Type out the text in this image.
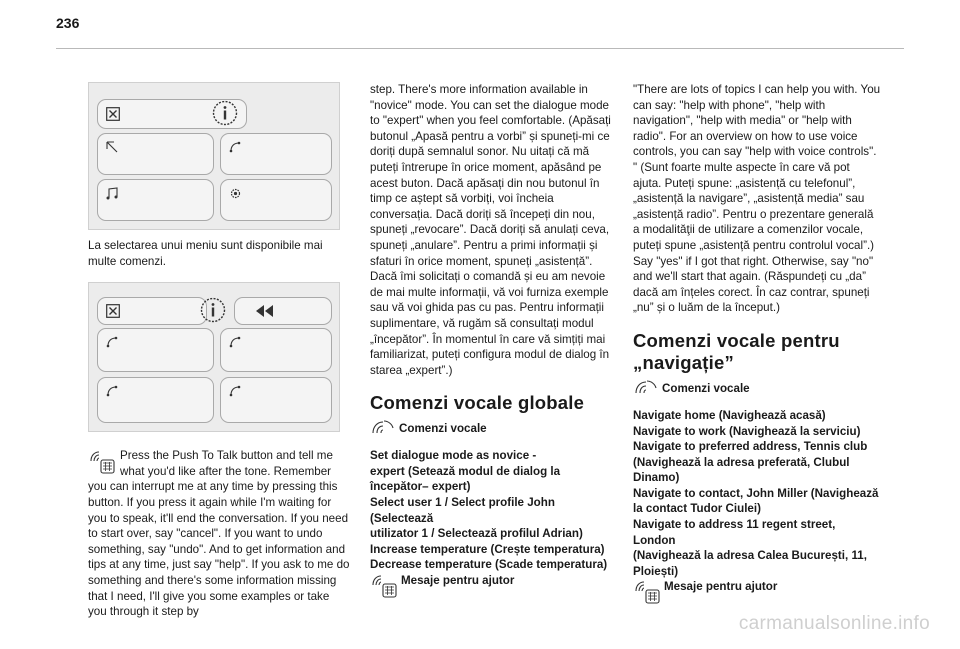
236

La selectarea unui meniu sunt disponibile mai multe comenzi.

Press the Push To Talk button and tell me what you'd like after the tone. Remember you can interrupt me at any time by pressing this button. If you press it again while I'm waiting for you to speak, it'll end the conversation. If you need to start over, say "cancel". If you want to undo something, say "undo". And to get information and tips at any time, just say "help". If you ask to me do something and there's some information missing that I need, I'll give you some examples or take you through it step by

step. There's more information available in "novice" mode. You can set the dialogue mode to "expert" when you feel comfortable. (Apăsați butonul „Apasă pentru a vorbi” și spuneți-mi ce doriți după semnalul sonor. Nu uitați că mă puteți întrerupe în orice moment, apăsând pe acest buton. Dacă apăsați din nou butonul în timp ce aștept să vorbiți, voi încheia conversația. Dacă doriți să începeți din nou, spuneți „revocare”. Dacă doriți să anulați ceva, spuneți „anulare”. Pentru a primi informații și sfaturi în orice moment, spuneți „asistență”. Dacă îmi solicitați o comandă și eu am nevoie de mai multe informații, vă voi furniza exemple sau vă voi ghida pas cu pas. Pentru informații suplimentare, vă rugăm să consultați modul „începător”. În momentul în care vă simțiți mai familiarizat, puteți configura modul de dialog în starea „expert”.)

Comenzi vocale globale
Comenzi vocale
Set dialogue mode as novice -
expert (Setează modul de dialog la
începător– expert)
Select user 1 / Select profile John (Selectează
utilizator 1 / Selectează profilul Adrian)
Increase temperature (Crește temperatura)
Decrease temperature (Scade temperatura)
Mesaje pentru ajutor

"There are lots of topics I can help you with. You can say: "help with phone", "help with navigation", "help with media" or "help with radio". For an overview on how to use voice controls, you can say "help with voice controls". " (Sunt foarte multe aspecte în care vă pot ajuta. Puteți spune: „asistență cu telefonul”, „asistență la navigare”, „asistență media” sau „asistență radio”. Pentru o prezentare generală a modalităţii de utilizare a comenzilor vocale, puteți spune „asistență pentru controlul vocal”.)

Say "yes" if I got that right. Otherwise, say "no" and we'll start that again. (Răspundeți cu „da” dacă am înțeles corect. În caz contrar, spuneți „nu” și o luăm de la început.)

Comenzi vocale pentru
„navigație”
Comenzi vocale
Navigate home (Navighează acasă)
Navigate to work (Navighează la serviciu)
Navigate to preferred address, Tennis club
(Navighează la adresa preferată, Clubul
Dinamo)
Navigate to contact, John Miller (Navighează
la contact Tudor Ciulei)
Navigate to address 11 regent street, London
(Navighează la adresa Calea București, 11,
Ploiești)
Mesaje pentru ajutor
carmanualsonline.info
